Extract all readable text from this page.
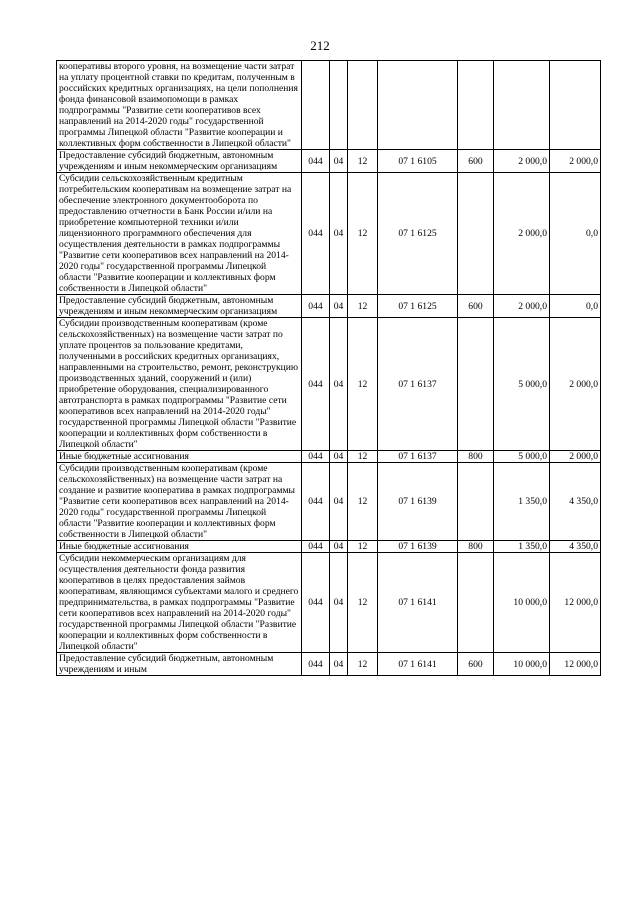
212
кооперативы второго уровня, на возмещение части затрат на уплату процентной ставки по кредитам, полученным в российских кредитных организациях, на цели пополнения фонда финансовой взаимопомощи в рамках подпрограммы "Развитие сети кооперативов всех направлений на 2014-2020 годы" государственной программы Липецкой области "Развитие кооперации и коллективных форм собственности в Липецкой области"							
Предоставление субсидий бюджетным, автономным учреждениям и иным некоммерческим организациям	044	04	12	07 1 6105	600	2 000,0	2 000,0
Субсидии сельскохозяйственным кредитным потребительским кооперативам на возмещение затрат на обеспечение электронного документооборота по предоставлению отчетности в Банк России и/или на приобретение компьютерной техники и/или лицензионного программного обеспечения для осуществления деятельности в рамках подпрограммы "Развитие сети кооперативов всех направлений на 2014-2020 годы" государственной программы Липецкой области "Развитие кооперации и коллективных форм собственности в Липецкой области"	044	04	12	07 1 6125		2 000,0	0,0
Предоставление субсидий бюджетным, автономным учреждениям и иным некоммерческим организациям	044	04	12	07 1 6125	600	2 000,0	0,0
Субсидии производственным кооперативам (кроме сельскохозяйственных) на возмещение части затрат по уплате процентов за пользование кредитами, полученными в российских кредитных организациях, направленными на строительство, ремонт, реконструкцию производственных зданий, сооружений и (или) приобретение оборудования, специализированного автотранспорта в рамках подпрограммы "Развитие сети кооперативов всех направлений на 2014-2020 годы" государственной программы Липецкой области "Развитие кооперации и коллективных форм собственности в Липецкой области"	044	04	12	07 1 6137		5 000,0	2 000,0
Иные бюджетные ассигнования	044	04	12	07 1 6137	800	5 000,0	2 000,0
Субсидии производственным кооперативам (кроме сельскохозяйственных) на возмещение части затрат на создание и развитие кооператива в рамках подпрограммы "Развитие сети кооперативов всех направлений на 2014-2020 годы" государственной программы Липецкой области "Развитие кооперации и коллективных форм собственности в Липецкой области"	044	04	12	07 1 6139		1 350,0	4 350,0
Иные бюджетные ассигнования	044	04	12	07 1 6139	800	1 350,0	4 350,0
Субсидии некоммерческим организациям для осуществления деятельности фонда развития кооперативов в целях предоставления займов кооперативам, являющимся субъектами малого и среднего предпринимательства, в рамках подпрограммы "Развитие сети кооперативов всех направлений на 2014-2020 годы" государственной программы Липецкой области "Развитие кооперации и коллективных форм собственности в Липецкой области"	044	04	12	07 1 6141		10 000,0	12 000,0
Предоставление субсидий бюджетным, автономным учреждениям и иным	044	04	12	07 1 6141	600	10 000,0	12 000,0
